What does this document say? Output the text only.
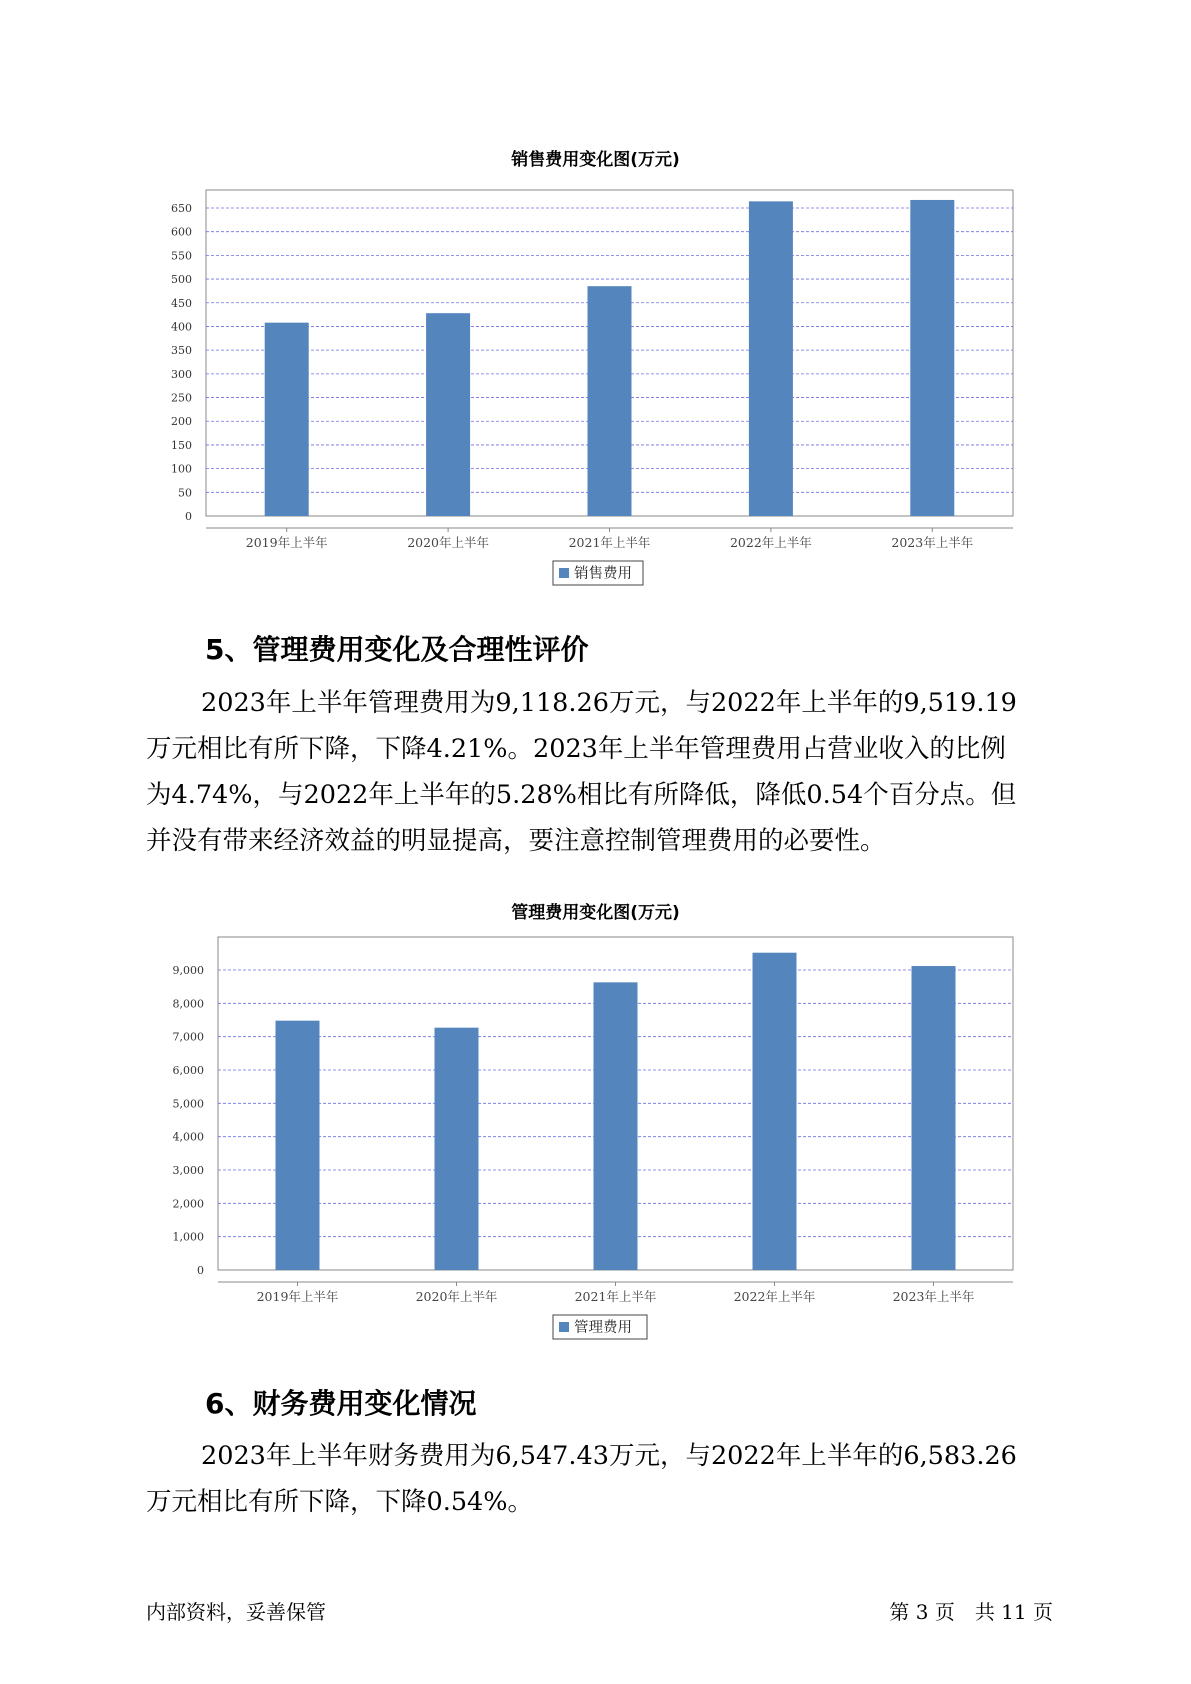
销售费用变化图(万元)
0
50
100
150
200
250
300
350
400
450
500
550
600
650
2019年上半年	2020年上半年	2021年上半年	2022年上半年	2023年上半年
销售费用
5、管理费用变化及合理性评价

2023年上半年管理费用为9,118.26万元，与2022年上半年的9,519.19

万元相比有所下降，下降4.21%。2023年上半年管理费用占营业收入的比例

为4.74%，与2022年上半年的5.28%相比有所降低，降低0.54个百分点。但

并没有带来经济效益的明显提高，要注意控制管理费用的必要性。

管理费用变化图(万元)
0
1,000
2,000
3,000
4,000
5,000
6,000
7,000
8,000
9,000
2019年上半年	2020年上半年	2021年上半年	2022年上半年	2023年上半年
管理费用
6、财务费用变化情况

2023年上半年财务费用为6,547.43万元，与2022年上半年的6,583.26

万元相比有所下降，下降0.54%。

内部资料，妥善保管	第 3 页　共 11 页
